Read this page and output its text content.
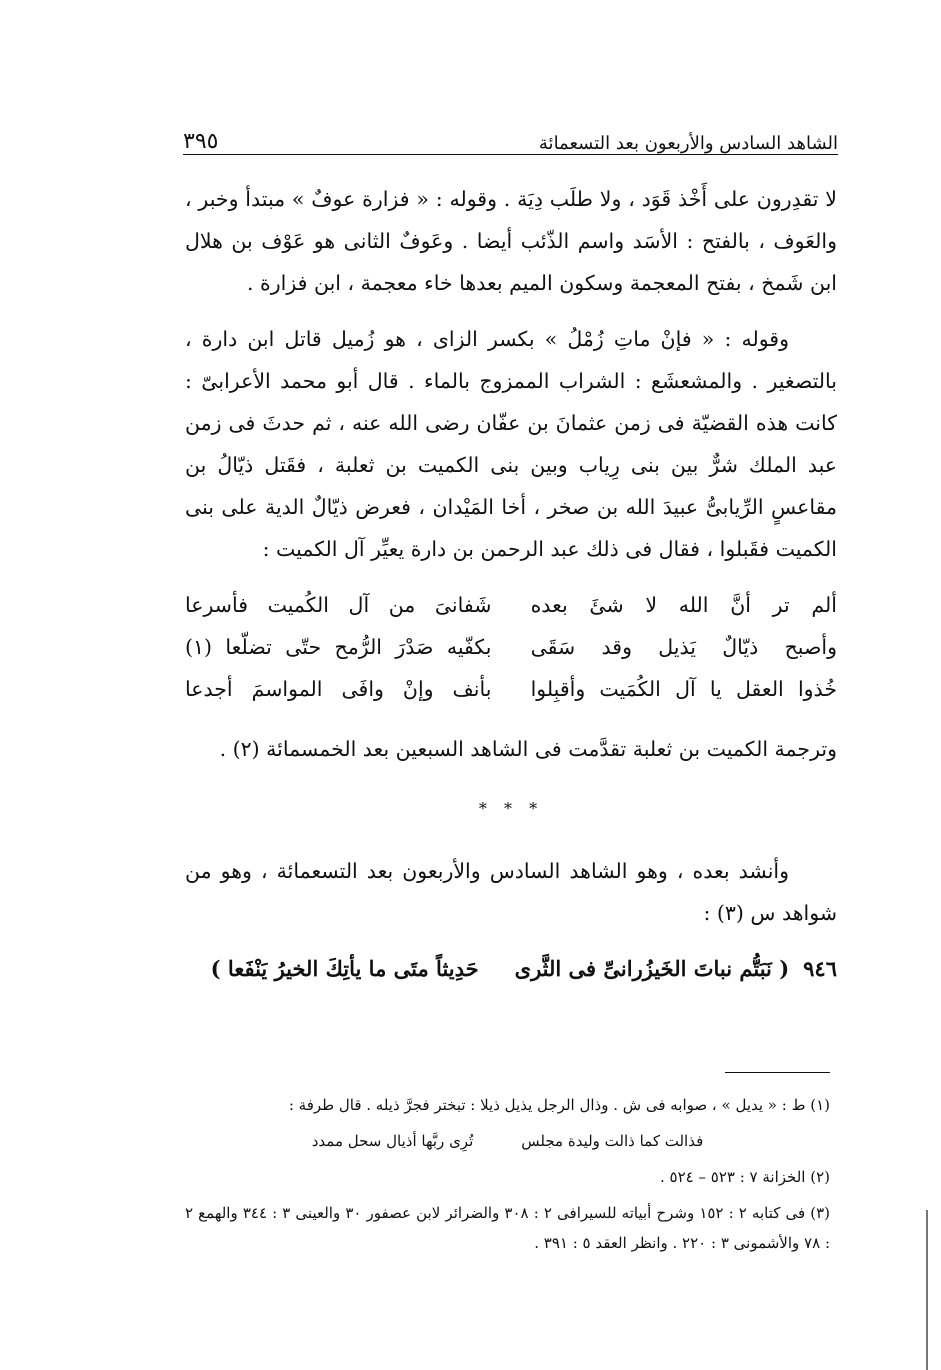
الشاهد السادس والأربعون بعد التسعمائة
٣٩٥

لا تقدِرون على أَخْذ قَوَد ، ولا طلَب دِيَة . وقوله : « فزارة عوفٌ » مبتدأ وخبر ، والعَوف ، بالفتح : الأسَد واسم الذّئب أيضا . وعَوفٌ الثانى هو عَوْف بن هلال ابن شَمخ ، بفتح المعجمة وسكون الميم بعدها خاء معجمة ، ابن فزارة .

وقوله : « فإنْ ماتِ زُمْلُ » بكسر الزاى ، هو زُميل قاتل ابن دارة ، بالتصغير . والمشعشَع : الشراب الممزوج بالماء . قال أبو محمد الأعرابىّ : كانت هذه القضيّة فى زمن عثمانَ بن عفّان رضى الله عنه ، ثم حدثَ فى زمن عبد الملك شرٌّ بين بنى رِياب وبين بنى الكميت بن ثعلبة ، فقَتل ذيّالُ بن مقاعسٍ الرِّيابىُّ عبيدَ الله بن صخر ، أخا المَيْدان ، فعرض ذيّالٌ الدية على بنى الكميت فقَبلوا ، فقال فى ذلك عبد الرحمن بن دارة يعيِّر آل الكميت :

ألم تر أنَّ الله لا شئَ بعده
شَفانىَ من آل الكُميت فأسرعا
وأصبح ذيّالٌ يَذيل وقد سَقَى
بكفّيه صَدْرَ الرُّمح حتّى تضلّعا (١)
خُذوا العقل يا آل الكُمَيت وأقبِلوا
بأنف وإنْ وافَى المواسمَ أجدعا

وترجمة الكميت بن ثعلبة تقدَّمت فى الشاهد السبعين بعد الخمسمائة (٢) .

* * *

وأنشد بعده ، وهو الشاهد السادس والأربعون بعد التسعمائة ، وهو من شواهد س (٣) :

٩٤٦
( نَبَتُّم نباتَ الخَيزُرانىِّ فى الثَّرى
حَدِيثاً متَى ما يأتِكَ الخيرُ يَنْفَعا )

(١) ط : « يديل » ، صوابه فى ش . وذال الرجل يذيل ذيلا : تبختر فجرَّ ذيله . قال طرفة :

فذالت كما ذالت وليدة مجلس
تُرِى ربَّها أذيال سحل ممدد

(٢) الخزانة ٧ : ٥٢٣ – ٥٢٤ .

(٣) فى كتابه ٢ : ١٥٢ وشرح أبياته للسيرافى ٢ : ٣٠٨ والضرائر لابن عصفور ٣٠ والعينى ٣ : ٣٤٤ والهمع ٢ : ٧٨ والأشمونى ٣ : ٢٢٠ . وانظر العقد ٥ : ٣٩١ .
